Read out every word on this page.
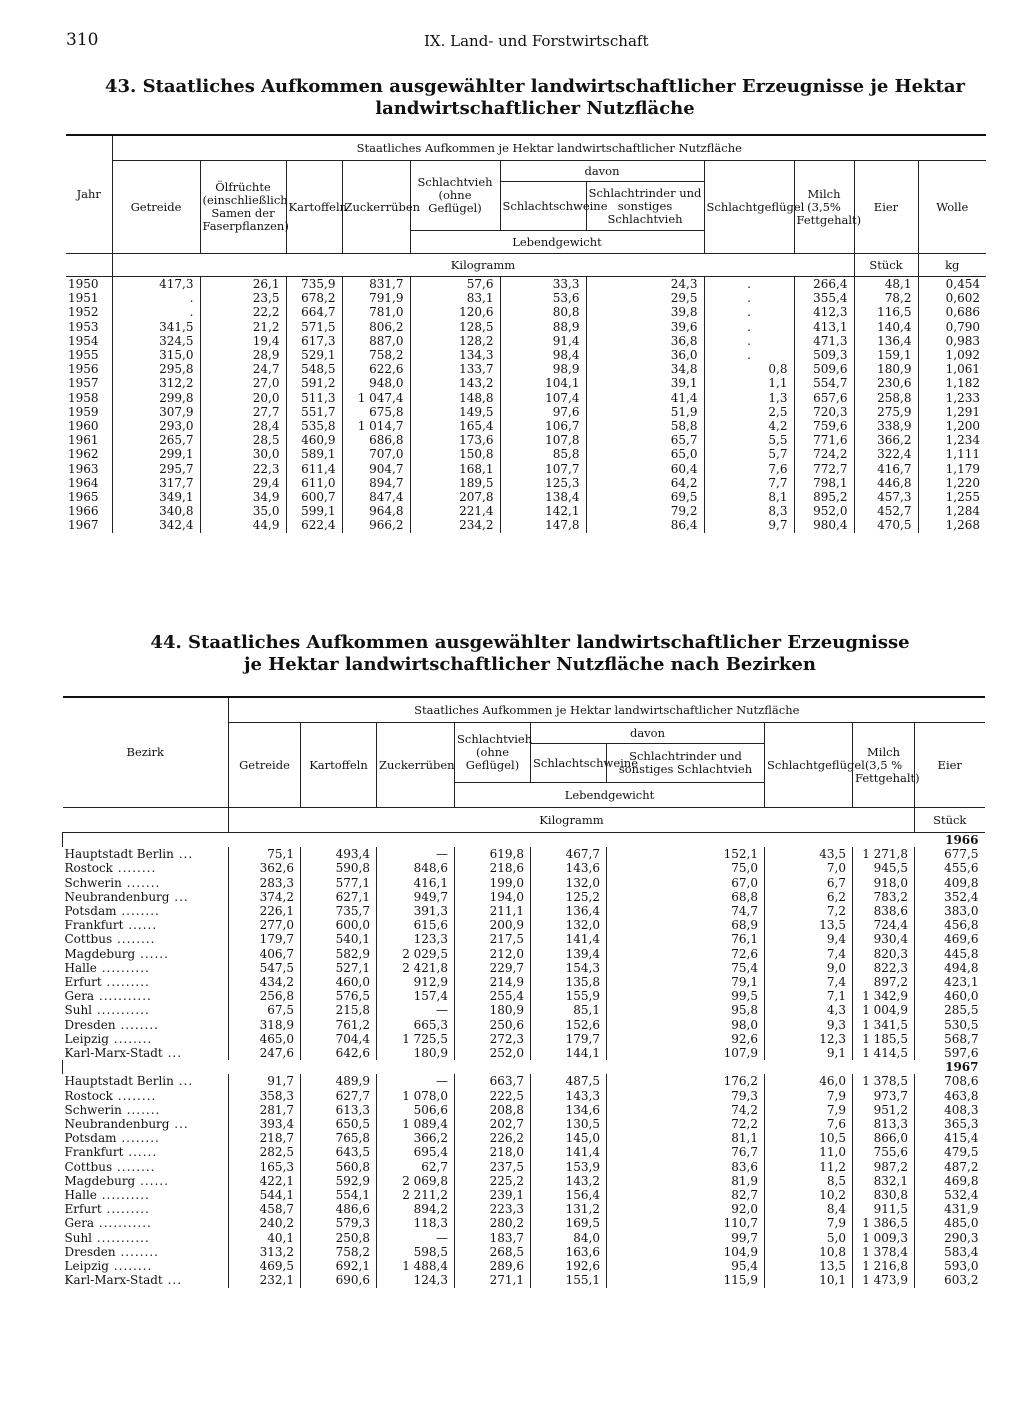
310	IX. Land- und Forstwirtschaft
43. Staatliches Aufkommen ausgewählter landwirtschaftlicher Erzeugnisse je Hektar landwirtschaftlicher Nutzfläche
Jahr	Staatliches Aufkommen je Hektar landwirtschaftlicher Nutzfläche										
	Getreide	Ölfrüchte (einschließlich Samen der Faserpflanzen)	Kartoffeln	Zuckerrüben	Schlachtvieh (ohne Geflügel)	davon		Schlachtgeflügel	Milch (3,5% Fettgehalt)	Eier	Wolle
						Schlachtschweine	Schlachtrinder und sonstiges Schlachtvieh				
					Lebendgewicht						
	Kilogramm									Stück	kg
1950	417,3	26,1	735,9	831,7	57,6	33,3	24,3	.	266,4	48,1	0,454
1951	.	23,5	678,2	791,9	83,1	53,6	29,5	.	355,4	78,2	0,602
1952	.	22,2	664,7	781,0	120,6	80,8	39,8	.	412,3	116,5	0,686
1953	341,5	21,2	571,5	806,2	128,5	88,9	39,6	.	413,1	140,4	0,790
1954	324,5	19,4	617,3	887,0	128,2	91,4	36,8	.	471,3	136,4	0,983
1955	315,0	28,9	529,1	758,2	134,3	98,4	36,0	.	509,3	159,1	1,092
1956	295,8	24,7	548,5	622,6	133,7	98,9	34,8	0,8	509,6	180,9	1,061
1957	312,2	27,0	591,2	948,0	143,2	104,1	39,1	1,1	554,7	230,6	1,182
1958	299,8	20,0	511,3	1 047,4	148,8	107,4	41,4	1,3	657,6	258,8	1,233
1959	307,9	27,7	551,7	675,8	149,5	97,6	51,9	2,5	720,3	275,9	1,291
1960	293,0	28,4	535,8	1 014,7	165,4	106,7	58,8	4,2	759,6	338,9	1,200
1961	265,7	28,5	460,9	686,8	173,6	107,8	65,7	5,5	771,6	366,2	1,234
1962	299,1	30,0	589,1	707,0	150,8	85,8	65,0	5,7	724,2	322,4	1,111
1963	295,7	22,3	611,4	904,7	168,1	107,7	60,4	7,6	772,7	416,7	1,179
1964	317,7	29,4	611,0	894,7	189,5	125,3	64,2	7,7	798,1	446,8	1,220
1965	349,1	34,9	600,7	847,4	207,8	138,4	69,5	8,1	895,2	457,3	1,255
1966	340,8	35,0	599,1	964,8	221,4	142,1	79,2	8,3	952,0	452,7	1,284
1967	342,4	44,9	622,4	966,2	234,2	147,8	86,4	9,7	980,4	470,5	1,268
44. Staatliches Aufkommen ausgewählter landwirtschaftlicher Erzeugnisse
je Hektar landwirtschaftlicher Nutzfläche nach Bezirken
Bezirk	Staatliches Aufkommen je Hektar landwirtschaftlicher Nutzfläche								
	Getreide	Kartoffeln	Zuckerrüben	Schlachtvieh (ohne Geflügel)	davon		Schlachtgeflügel	Milch (3,5 % Fettgehalt)	Eier
					Schlachtschweine	Schlachtrinder und sonstiges Schlachtvieh			
				Lebendgewicht					
	Kilogramm								Stück
1966									
Hauptstadt Berlin ...	75,1	493,4	—	619,8	467,7	152,1	43,5	1 271,8	677,5
Rostock ........	362,6	590,8	848,6	218,6	143,6	75,0	7,0	945,5	455,6
Schwerin .......	283,3	577,1	416,1	199,0	132,0	67,0	6,7	918,0	409,8
Neubrandenburg ...	374,2	627,1	949,7	194,0	125,2	68,8	6,2	783,2	352,4
Potsdam ........	226,1	735,7	391,3	211,1	136,4	74,7	7,2	838,6	383,0
Frankfurt ......	277,0	600,0	615,6	200,9	132,0	68,9	13,5	724,4	456,8
Cottbus ........	179,7	540,1	123,3	217,5	141,4	76,1	9,4	930,4	469,6
Magdeburg ......	406,7	582,9	2 029,5	212,0	139,4	72,6	7,4	820,3	445,8
Halle ..........	547,5	527,1	2 421,8	229,7	154,3	75,4	9,0	822,3	494,8
Erfurt .........	434,2	460,0	912,9	214,9	135,8	79,1	7,4	897,2	423,1
Gera ...........	256,8	576,5	157,4	255,4	155,9	99,5	7,1	1 342,9	460,0
Suhl ...........	67,5	215,8	—	180,9	85,1	95,8	4,3	1 004,9	285,5
Dresden ........	318,9	761,2	665,3	250,6	152,6	98,0	9,3	1 341,5	530,5
Leipzig ........	465,0	704,4	1 725,5	272,3	179,7	92,6	12,3	1 185,5	568,7
Karl-Marx-Stadt ...	247,6	642,6	180,9	252,0	144,1	107,9	9,1	1 414,5	597,6
1967									
Hauptstadt Berlin ...	91,7	489,9	—	663,7	487,5	176,2	46,0	1 378,5	708,6
Rostock ........	358,3	627,7	1 078,0	222,5	143,3	79,3	7,9	973,7	463,8
Schwerin .......	281,7	613,3	506,6	208,8	134,6	74,2	7,9	951,2	408,3
Neubrandenburg ...	393,4	650,5	1 089,4	202,7	130,5	72,2	7,6	813,3	365,3
Potsdam ........	218,7	765,8	366,2	226,2	145,0	81,1	10,5	866,0	415,4
Frankfurt ......	282,5	643,5	695,4	218,0	141,4	76,7	11,0	755,6	479,5
Cottbus ........	165,3	560,8	62,7	237,5	153,9	83,6	11,2	987,2	487,2
Magdeburg ......	422,1	592,9	2 069,8	225,2	143,2	81,9	8,5	832,1	469,8
Halle ..........	544,1	554,1	2 211,2	239,1	156,4	82,7	10,2	830,8	532,4
Erfurt .........	458,7	486,6	894,2	223,3	131,2	92,0	8,4	911,5	431,9
Gera ...........	240,2	579,3	118,3	280,2	169,5	110,7	7,9	1 386,5	485,0
Suhl ...........	40,1	250,8	—	183,7	84,0	99,7	5,0	1 009,3	290,3
Dresden ........	313,2	758,2	598,5	268,5	163,6	104,9	10,8	1 378,4	583,4
Leipzig ........	469,5	692,1	1 488,4	289,6	192,6	95,4	13,5	1 216,8	593,0
Karl-Marx-Stadt ...	232,1	690,6	124,3	271,1	155,1	115,9	10,1	1 473,9	603,2
